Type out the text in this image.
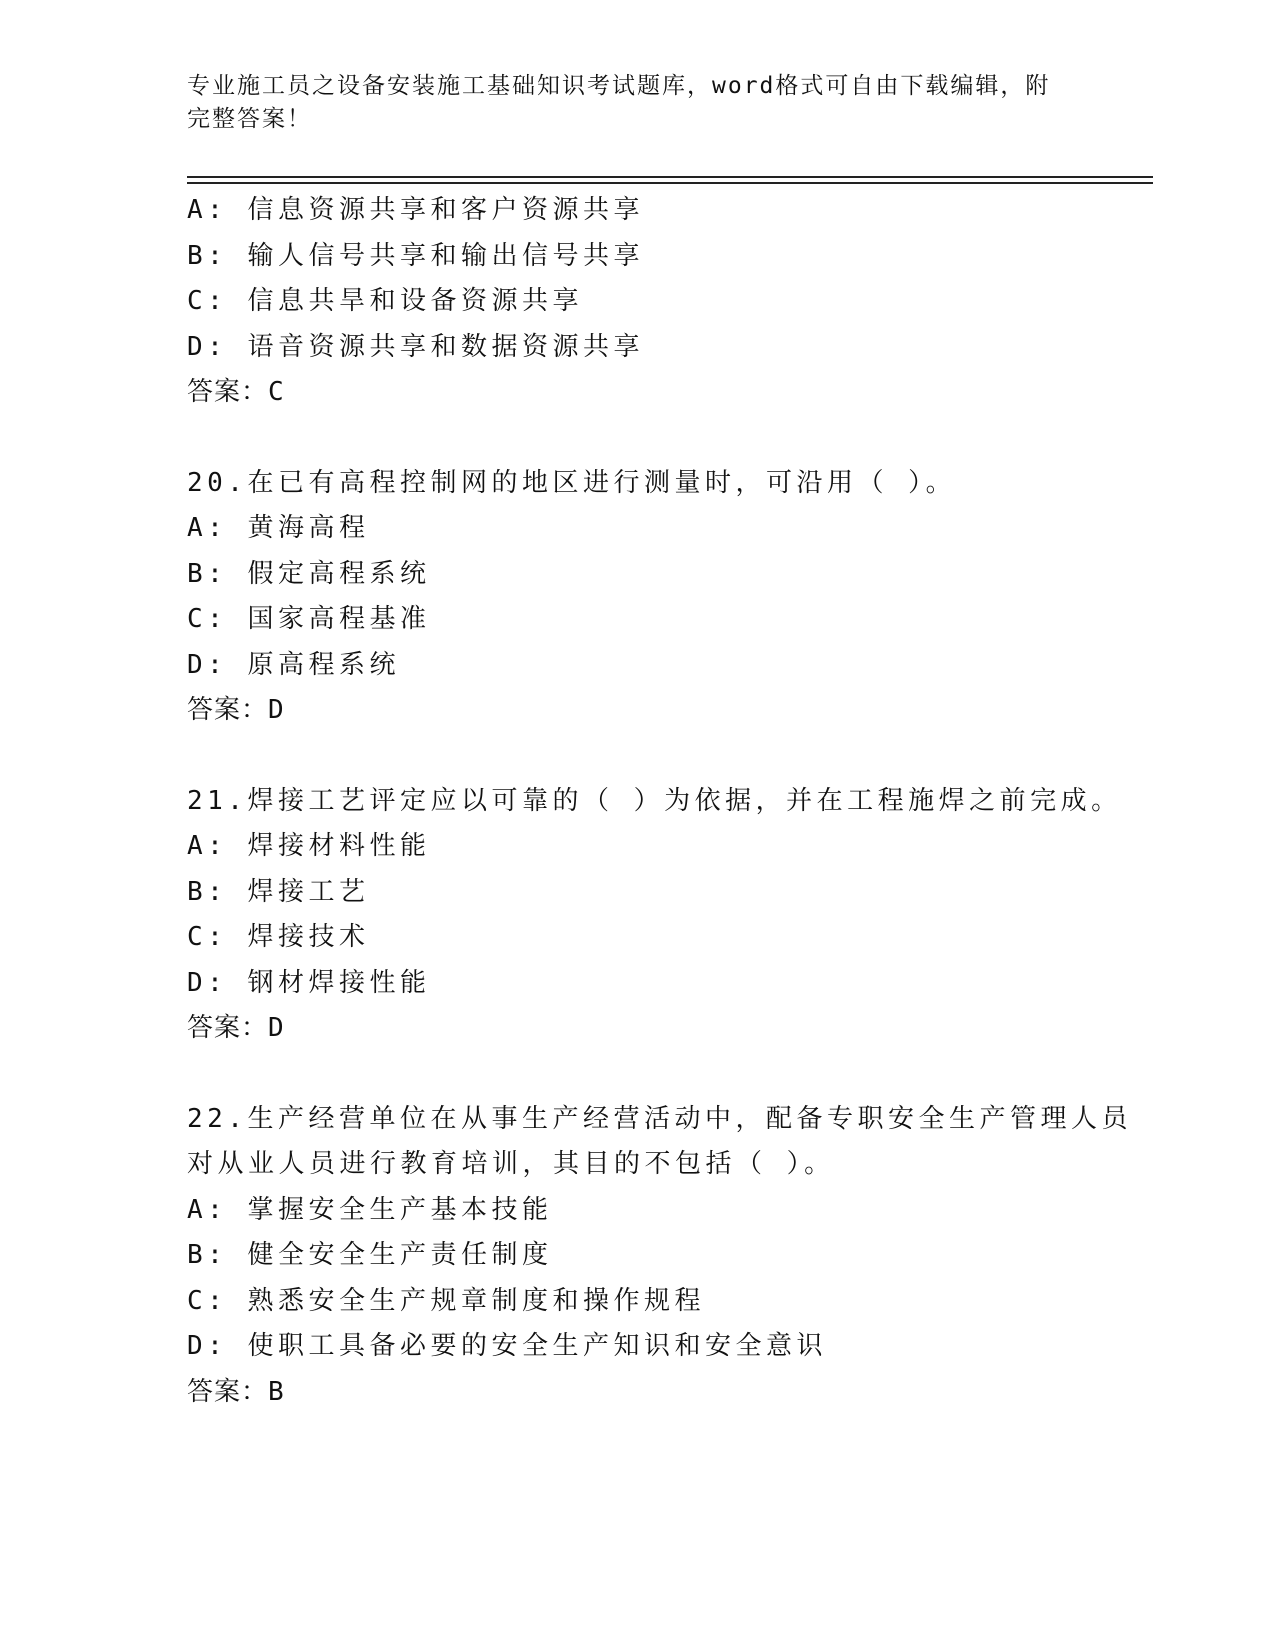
专业施工员之设备安装施工基础知识考试题库，word格式可自由下载编辑，附完整答案！
A: 信息资源共享和客户资源共享
B: 输人信号共享和输出信号共享
C: 信息共旱和设备资源共享
D: 语音资源共享和数据资源共享
答案：C
20.在已有高程控制网的地区进行测量时，可沿用（ ）。
A: 黄海高程
B: 假定高程系统
C: 国家高程基准
D: 原高程系统
答案：D
21.焊接工艺评定应以可靠的（ ）为依据，并在工程施焊之前完成。
A: 焊接材料性能
B: 焊接工艺
C: 焊接技术
D: 钢材焊接性能
答案：D
22.生产经营单位在从事生产经营活动中，配备专职安全生产管理人员
对从业人员进行教育培训，其目的不包括（ ）。
A: 掌握安全生产基本技能
B: 健全安全生产责任制度
C: 熟悉安全生产规章制度和操作规程
D: 使职工具备必要的安全生产知识和安全意识
答案：B
